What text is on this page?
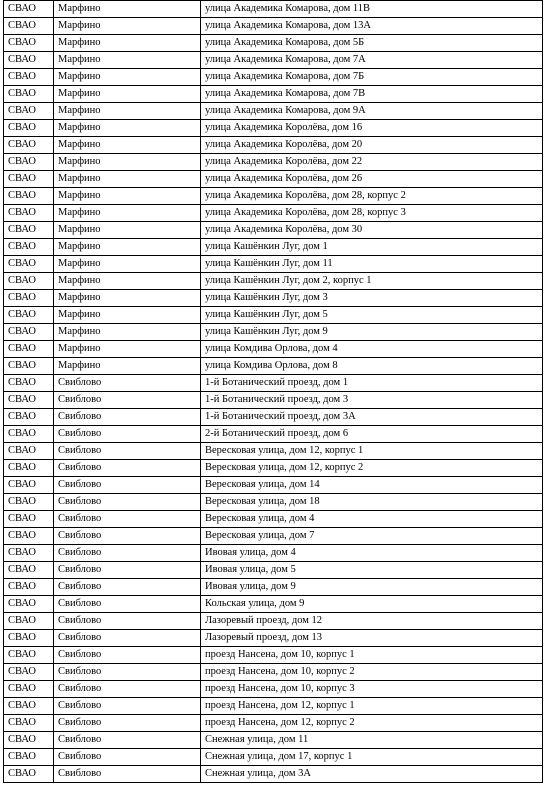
СВАО	Марфино	улица Академика Комарова, дом 11В
СВАО	Марфино	улица Академика Комарова, дом 13А
СВАО	Марфино	улица Академика Комарова, дом 5Б
СВАО	Марфино	улица Академика Комарова, дом 7А
СВАО	Марфино	улица Академика Комарова, дом 7Б
СВАО	Марфино	улица Академика Комарова, дом 7В
СВАО	Марфино	улица Академика Комарова, дом 9А
СВАО	Марфино	улица Академика Королёва, дом 16
СВАО	Марфино	улица Академика Королёва, дом 20
СВАО	Марфино	улица Академика Королёва, дом 22
СВАО	Марфино	улица Академика Королёва, дом 26
СВАО	Марфино	улица Академика Королёва, дом 28, корпус 2
СВАО	Марфино	улица Академика Королёва, дом 28, корпус 3
СВАО	Марфино	улица Академика Королёва, дом 30
СВАО	Марфино	улица Кашёнкин Луг, дом 1
СВАО	Марфино	улица Кашёнкин Луг, дом 11
СВАО	Марфино	улица Кашёнкин Луг, дом 2, корпус 1
СВАО	Марфино	улица Кашёнкин Луг, дом 3
СВАО	Марфино	улица Кашёнкин Луг, дом 5
СВАО	Марфино	улица Кашёнкин Луг, дом 9
СВАО	Марфино	улица Комдива Орлова, дом 4
СВАО	Марфино	улица Комдива Орлова, дом 8
СВАО	Свиблово	1-й Ботанический проезд, дом 1
СВАО	Свиблово	1-й Ботанический проезд, дом 3
СВАО	Свиблово	1-й Ботанический проезд, дом 3А
СВАО	Свиблово	2-й Ботанический проезд, дом 6
СВАО	Свиблово	Вересковая улица, дом 12, корпус 1
СВАО	Свиблово	Вересковая улица, дом 12, корпус 2
СВАО	Свиблово	Вересковая улица, дом 14
СВАО	Свиблово	Вересковая улица, дом 18
СВАО	Свиблово	Вересковая улица, дом 4
СВАО	Свиблово	Вересковая улица, дом 7
СВАО	Свиблово	Ивовая улица, дом 4
СВАО	Свиблово	Ивовая улица, дом 5
СВАО	Свиблово	Ивовая улица, дом 9
СВАО	Свиблово	Кольская улица, дом 9
СВАО	Свиблово	Лазоревый проезд, дом 12
СВАО	Свиблово	Лазоревый проезд, дом 13
СВАО	Свиблово	проезд Нансена, дом 10, корпус 1
СВАО	Свиблово	проезд Нансена, дом 10, корпус 2
СВАО	Свиблово	проезд Нансена, дом 10, корпус 3
СВАО	Свиблово	проезд Нансена, дом 12, корпус 1
СВАО	Свиблово	проезд Нансена, дом 12, корпус 2
СВАО	Свиблово	Снежная улица, дом 11
СВАО	Свиблово	Снежная улица, дом 17, корпус 1
СВАО	Свиблово	Снежная улица, дом 3А
